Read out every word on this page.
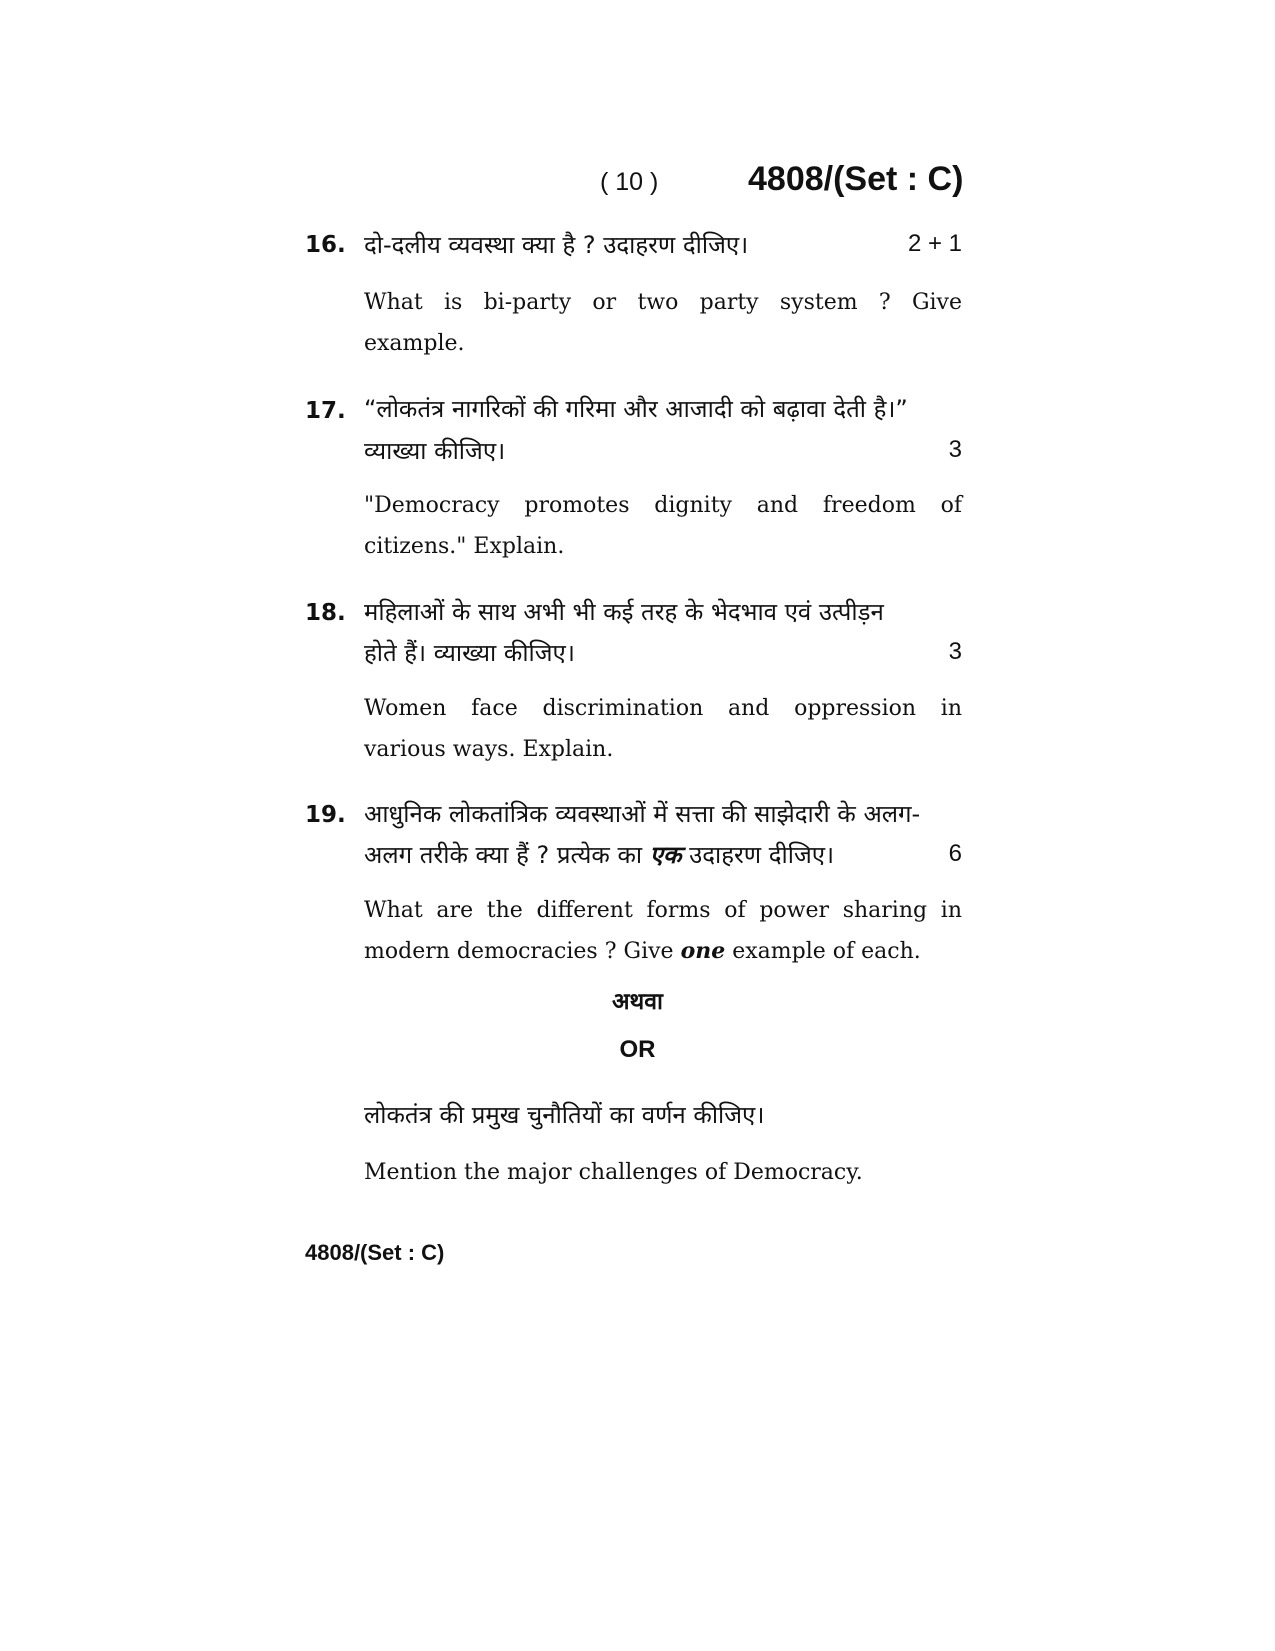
( 10 )	4808/(Set : C)
16. दो-दलीय व्यवस्था क्या है ? उदाहरण दीजिए।	2 + 1
What is bi-party or two party system ? Give
example.
17. “लोकतंत्र नागरिकों की गरिमा और आजादी को बढ़ावा देती है।”
व्याख्या कीजिए।	3
"Democracy promotes dignity and freedom of
citizens." Explain.
18. महिलाओं के साथ अभी भी कई तरह के भेदभाव एवं उत्पीड़न
होते हैं। व्याख्या कीजिए।	3
Women face discrimination and oppression in
various ways. Explain.
19. आधुनिक लोकतांत्रिक व्यवस्थाओं में सत्ता की साझेदारी के अलग-
अलग तरीके क्या हैं ? प्रत्येक का एक उदाहरण दीजिए।	6
What are the different forms of power sharing in
modern democracies ? Give one example of each.
अथवा
OR
लोकतंत्र की प्रमुख चुनौतियों का वर्णन कीजिए।
Mention the major challenges of Democracy.
4808/(Set : C)
